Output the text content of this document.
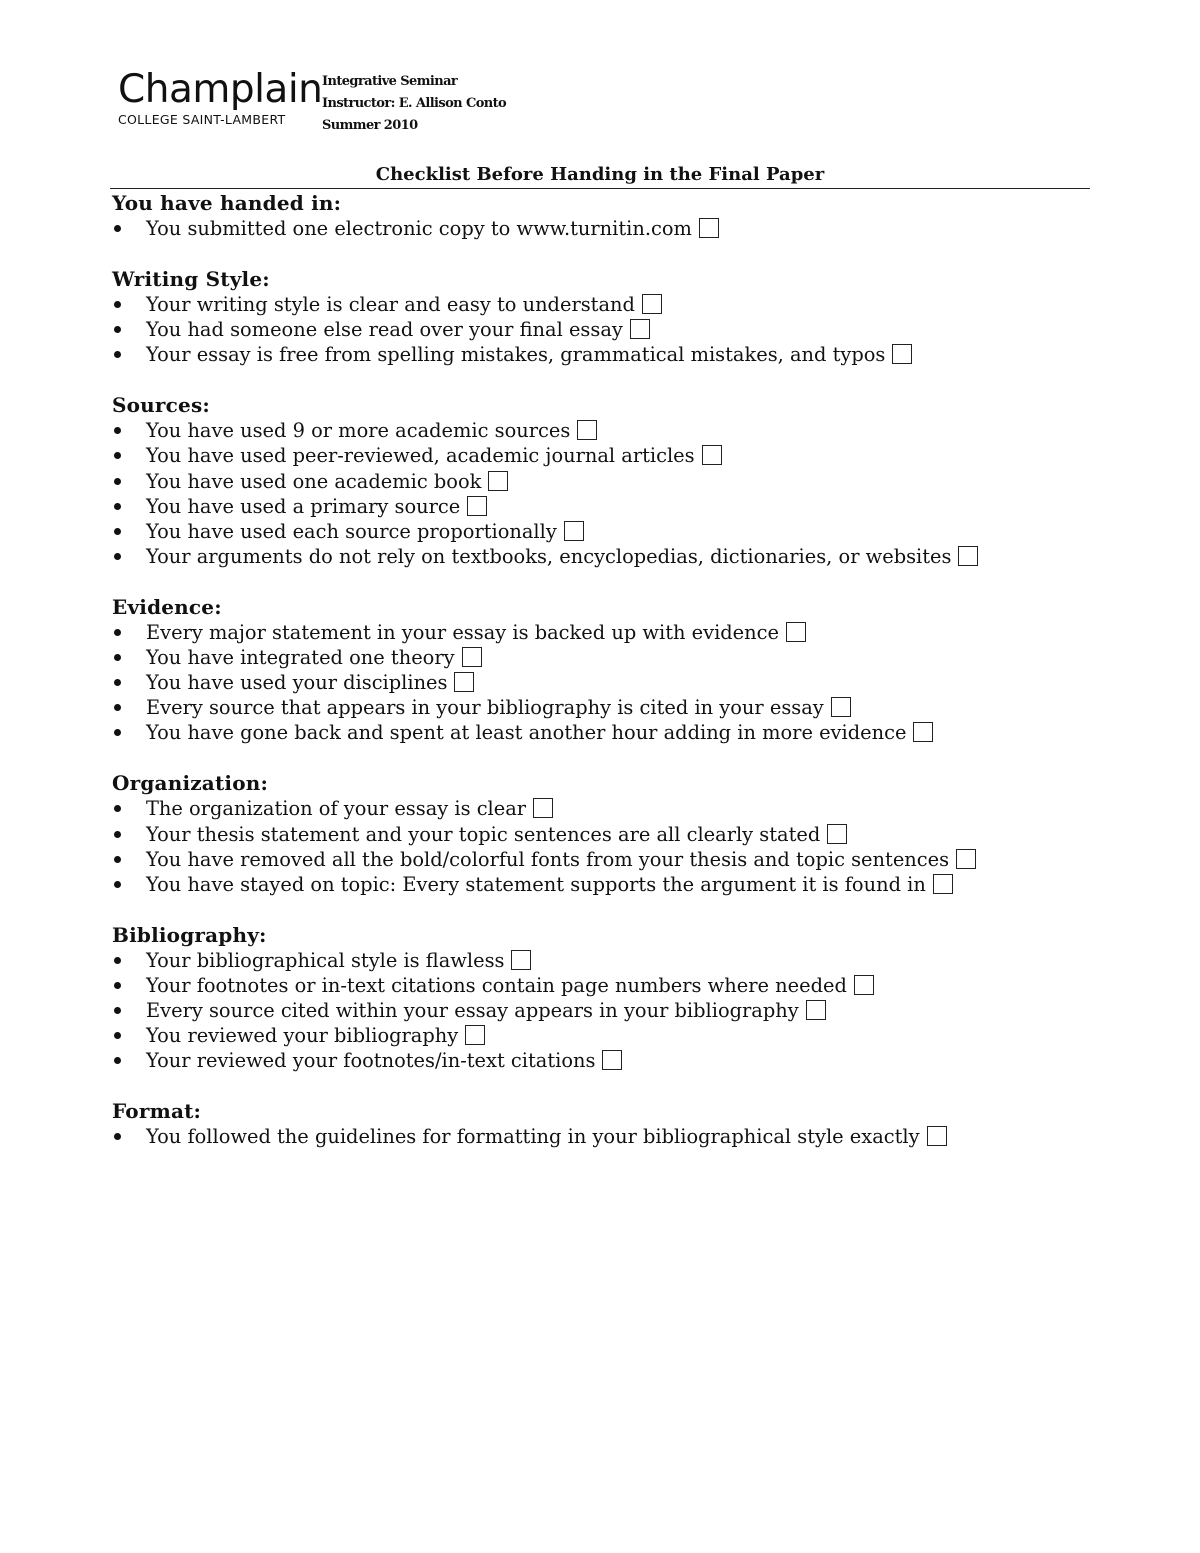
Champlain
COLLEGE SAINT-LAMBERT
Integrative Seminar
Instructor: E. Allison Conto
Summer 2010
Checklist Before Handing in the Final Paper
You have handed in:
You submitted one electronic copy to www.turnitin.com
Writing Style:
Your writing style is clear and easy to understand
You had someone else read over your final essay
Your essay is free from spelling mistakes, grammatical mistakes, and typos
Sources:
You have used 9 or more academic sources
You have used peer-reviewed, academic journal articles
You have used one academic book
You have used a primary source
You have used each source proportionally
Your arguments do not rely on textbooks, encyclopedias, dictionaries, or websites
Evidence:
Every major statement in your essay is backed up with evidence
You have integrated one theory
You have used your disciplines
Every source that appears in your bibliography is cited in your essay
You have gone back and spent at least another hour adding in more evidence
Organization:
The organization of your essay is clear
Your thesis statement and your topic sentences are all clearly stated
You have removed all the bold/colorful fonts from your thesis and topic sentences
You have stayed on topic: Every statement supports the argument it is found in
Bibliography:
Your bibliographical style is flawless
Your footnotes or in-text citations contain page numbers where needed
Every source cited within your essay appears in your bibliography
You reviewed your bibliography
Your reviewed your footnotes/in-text citations
Format:
You followed the guidelines for formatting in your bibliographical style exactly
